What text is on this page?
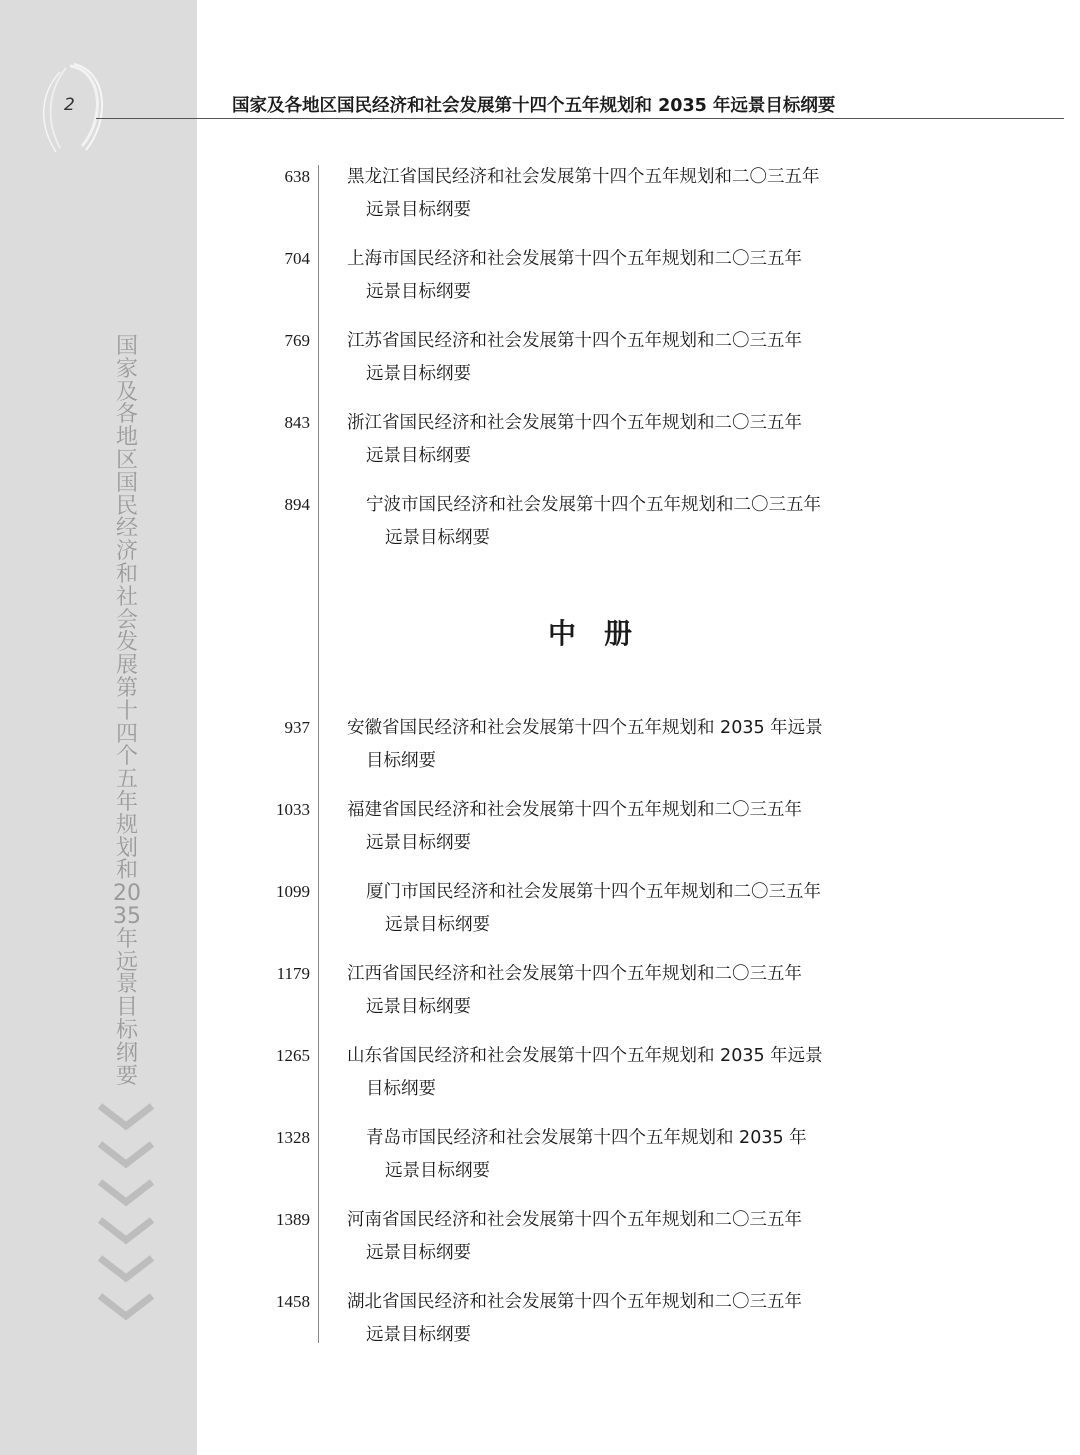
2	国家及各地区国民经济和社会发展第十四个五年规划和 2035 年远景目标纲要
国家及各地区国民经济和社会发展第十四个五年规划和2035年远景目标纲要
638 黑龙江省国民经济和社会发展第十四个五年规划和二〇三五年
远景目标纲要
704 上海市国民经济和社会发展第十四个五年规划和二〇三五年
远景目标纲要
769 江苏省国民经济和社会发展第十四个五年规划和二〇三五年
远景目标纲要
843 浙江省国民经济和社会发展第十四个五年规划和二〇三五年
远景目标纲要
894	宁波市国民经济和社会发展第十四个五年规划和二〇三五年
远景目标纲要
中　册
937 安徽省国民经济和社会发展第十四个五年规划和 2035 年远景
目标纲要
1033 福建省国民经济和社会发展第十四个五年规划和二〇三五年
远景目标纲要
1099	厦门市国民经济和社会发展第十四个五年规划和二〇三五年
远景目标纲要
1179 江西省国民经济和社会发展第十四个五年规划和二〇三五年
远景目标纲要
1265 山东省国民经济和社会发展第十四个五年规划和 2035 年远景
目标纲要
1328	青岛市国民经济和社会发展第十四个五年规划和 2035 年
远景目标纲要
1389 河南省国民经济和社会发展第十四个五年规划和二〇三五年
远景目标纲要
1458 湖北省国民经济和社会发展第十四个五年规划和二〇三五年
远景目标纲要
